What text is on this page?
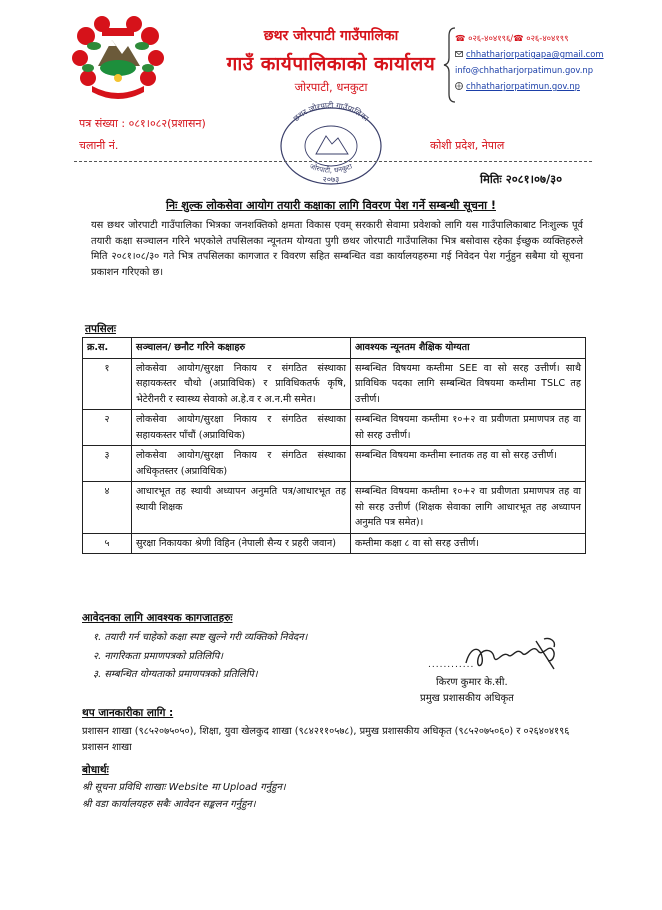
छथर जोरपाटी गाउँपालिका
गाउँ कार्यपालिकाको कार्यालय
जोरपाटी, धनकुटा
☎ ०२६-४०४१९६/☎ ०२६-४०४१९९
chhatharjorpatigapa@gmail.com
info@chhatharjorpatimun.gov.np
chhatharjorpatimun.gov.np
पत्र संख्या : ०८१।०८२(प्रशासन)
चलानी नं.	कोशी प्रदेश, नेपाल
छथर जोरपाटी गाउँपालिका
जोरपाटी, धनकुटा
२०७३	मितिः २०८१।०७/३०
निः शुल्क लोकसेवा आयोग तयारी कक्षाका लागि विवरण पेश गर्ने सम्बन्धी सूचना !
यस छथर जोरपाटी गाउँपालिका भित्रका जनशक्तिको क्षमता विकास एवम् सरकारी सेवामा प्रवेशको लागि यस गाउँपालिकाबाट निःशुल्क पूर्व तयारी कक्षा सञ्चालन गरिने भएकोले तपसिलका न्यूनतम योग्यता पुगी छथर जोरपाटी गाउँपालिका भित्र बसोवास रहेका ईच्छुक व्यक्तिहरुले मिति २०८१।०८/३० गते भित्र तपसिलका कागजात र विवरण सहित सम्बन्धित वडा कार्यालयहरुमा गई निवेदन पेश गर्नुहुन सबैमा यो सूचना प्रकाशन गरिएको छ।
तपसिलः
क्र.स.	सञ्चालन/ छनौट गरिने कक्षाहरु	आवश्यक न्यूनतम शैक्षिक योग्यता
१	लोकसेवा आयोग/सुरक्षा निकाय र संगठित संस्थाका सहायकस्तर चौथो (अप्राविधिक) र प्राविधिकतर्फ कृषि, भेटेरीनरी र स्वास्थ्य सेवाको अ.हे.व र अ.न.मी समेत।	सम्बन्धित विषयमा कम्तीमा SEE वा सो सरह उत्तीर्ण। साथै प्राविधिक पदका लागि सम्बन्धित विषयमा कम्तीमा TSLC तह उत्तीर्ण।
२	लोकसेवा आयोग/सुरक्षा निकाय र संगठित संस्थाका सहायकस्तर पाँचौं (अप्राविधिक)	सम्बन्धित विषयमा कम्तीमा १०+२ वा प्रवीणता प्रमाणपत्र तह वा सो सरह उत्तीर्ण।
३	लोकसेवा आयोग/सुरक्षा निकाय र संगठित संस्थाका अधिकृतस्तर (अप्राविधिक)	सम्बन्धित विषयमा कम्तीमा स्नातक तह वा सो सरह उत्तीर्ण।
४	आधारभूत तह स्थायी अध्यापन अनुमति पत्र/आधारभूत तह स्थायी शिक्षक	सम्बन्धित विषयमा कम्तीमा १०+२ वा प्रवीणता प्रमाणपत्र तह वा सो सरह उत्तीर्ण (शिक्षक सेवाका लागि आधारभूत तह अध्यापन अनुमति पत्र समेत)।
५	सुरक्षा निकायका श्रेणी विहिन (नेपाली सैन्य र प्रहरी जवान)	कम्तीमा कक्षा ८ वा सो सरह उत्तीर्ण।
आवेदनका लागि आवश्यक कागजातहरुः
१. तयारी गर्न चाहेको कक्षा स्पष्ट खुल्ने गरी व्यक्तिको निवेदन।
२. नागरिकता प्रमाणपत्रको प्रतिलिपि।
३. सम्बन्धित योग्यताको प्रमाणपत्रको प्रतिलिपि।
............
किरण कुमार के.सी.
प्रमुख प्रशासकीय अधिकृत
थप जानकारीका लागि :
प्रशासन शाखा (९८५२०७५०५०), शिक्षा, युवा खेलकुद शाखा (९८४२११०५७८), प्रमुख प्रशासकीय अधिकृत (९८५२०७५०६०) र ०२६४०४१९६ प्रशासन शाखा
बोधार्थः
श्री सूचना प्रविधि शाखाः Website मा Upload गर्नुहुन।
श्री वडा कार्यालयहरु सबैः आवेदन सङ्कलन गर्नुहुन।
